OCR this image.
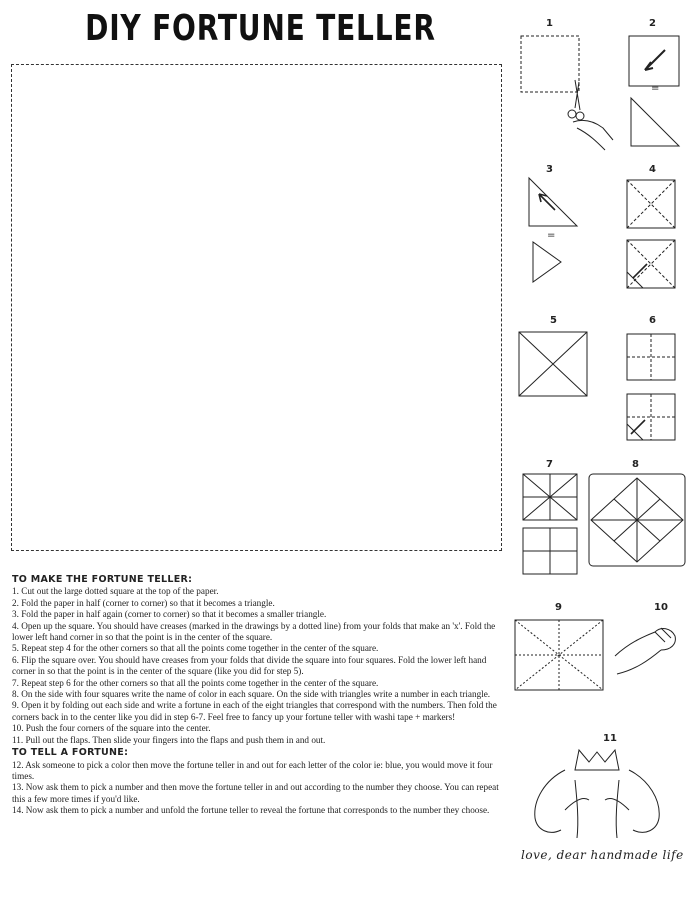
DIY FORTUNE TELLER
TO MAKE THE FORTUNE TELLER:

1. Cut out the large dotted square at the top of the paper.

2. Fold the paper in half (corner to corner) so that it becomes a triangle.

3. Fold the paper in half again (corner to corner) so that it becomes a smaller triangle.

4. Open up the square. You should have creases (marked in the drawings by a dotted line) from your folds that make an 'x'. Fold the lower left hand corner in so that the point is in the center of the square.

5. Repeat step 4 for the other corners so that all the points come together in the center of the square.

6. Flip the square over. You should have creases from your folds that divide the square into four squares. Fold the lower left hand corner in so that the point is in the center of the square (like you did for step 5).

7. Repeat step 6 for the other corners so that all the points come together in the center of the square.

8. On the side with four squares write the name of color in each square. On the side with triangles write a number in each triangle.

9. Open it by folding out each side and write a fortune in each of the eight triangles that correspond with the numbers. Then fold the corners back in to the center like you did in step 6-7. Feel free to fancy up your fortune teller with washi tape + markers!

10. Push the four corners of the square into the center.

11. Pull out the flaps. Then slide your fingers into the flaps and push them in and out.

TO TELL A FORTUNE:

12. Ask someone to pick a color then move the fortune teller in and out for each letter of the color ie: blue, you would move it four times.

13. Now ask them to pick a number and then move the fortune teller in and out according to the number they choose. You can repeat this a few more times if you'd like.

14. Now ask them to pick a number and unfold the fortune teller to reveal the fortune that corresponds to the number they choose.

1	2
3	4
5	6
7	8
9	10
11
=
=
love, dear handmade life
